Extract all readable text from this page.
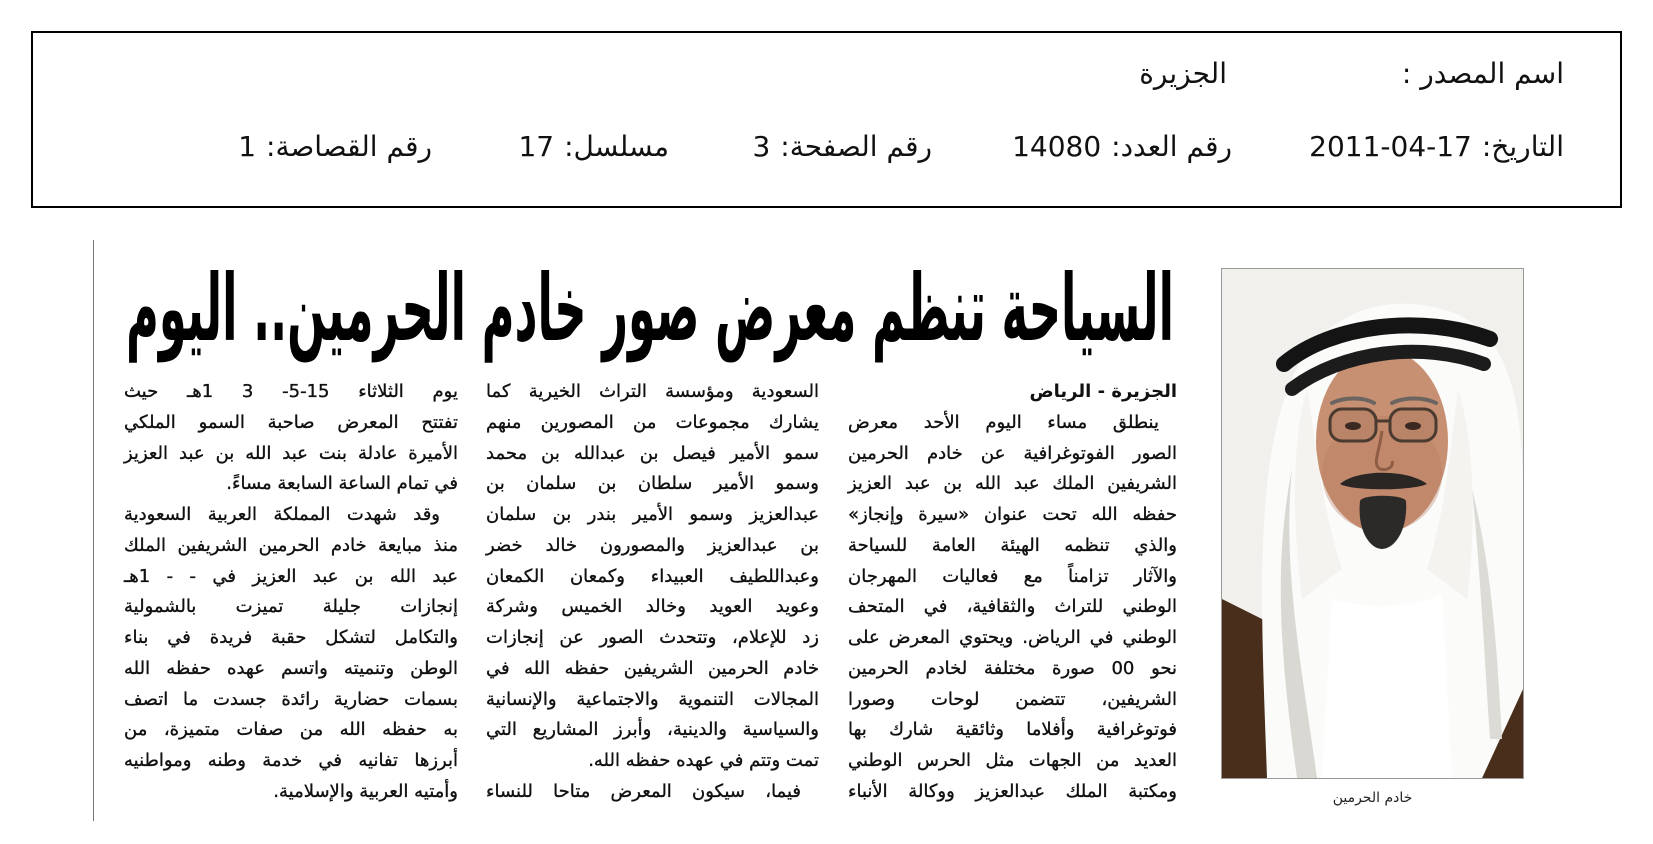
اسم المصدر :
الجزيرة
التاريخ:2011-04-17
رقم العدد:14080
رقم الصفحة:3
مسلسل:17
رقم القصاصة:1
السياحة تنظم معرض صور خادم الحرمين.. اليوم
خادم الحرمين
الجزيرة - الرياض
ينطلق مساء اليوم الأحد معرض
الصور الفوتوغرافية عن خادم الحرمين
الشريفين الملك عبد الله بن عبد العزيز
حفظه الله تحت عنوان «سيرة وإنجاز»
والذي تنظمه الهيئة العامة للسياحة
والآثار تزامناً مع فعاليات المهرجان
الوطني للتراث والثقافية، في المتحف
الوطني في الرياض. ويحتوي المعرض على
نحو 00 صورة مختلفة لخادم الحرمين
الشريفين، تتضمن لوحات وصورا
فوتوغرافية وأفلاما وثائقية شارك بها
العديد من الجهات مثل الحرس الوطني
ومكتبة الملك عبدالعزيز ووكالة الأنباء
السعودية ومؤسسة التراث الخيرية كما
يشارك مجموعات من المصورين منهم
سمو الأمير فيصل بن عبدالله بن محمد
وسمو الأمير سلطان بن سلمان بن
عبدالعزيز وسمو الأمير بندر بن سلمان
بن عبدالعزيز والمصورون خالد خضر
وعبداللطيف العبيداء وكمعان الكمعان
وعويد العويد وخالد الخميس وشركة
زد للإعلام، وتتحدث الصور عن إنجازات
خادم الحرمين الشريفين حفظه الله في
المجالات التنموية والاجتماعية والإنسانية
والسياسية والدينية، وأبرز المشاريع التي
تمت وتتم في عهده حفظه الله.
فيما، سيكون المعرض متاحا للنساء
يوم الثلاثاء 15-5- 3 1هـ حيث
تفتتح المعرض صاحبة السمو الملكي
الأميرة عادلة بنت عبد الله بن عبد العزيز
في تمام الساعة السابعة مساءً.
وقد شهدت المملكة العربية السعودية
منذ مبايعة خادم الحرمين الشريفين الملك
عبد الله بن عبد العزيز في - - 1هـ
إنجازات جليلة تميزت بالشمولية
والتكامل لتشكل حقبة فريدة في بناء
الوطن وتنميته واتسم عهده حفظه الله
بسمات حضارية رائدة جسدت ما اتصف
به حفظه الله من صفات متميزة، من
أبرزها تفانيه في خدمة وطنه ومواطنيه
وأمتيه العربية والإسلامية.
